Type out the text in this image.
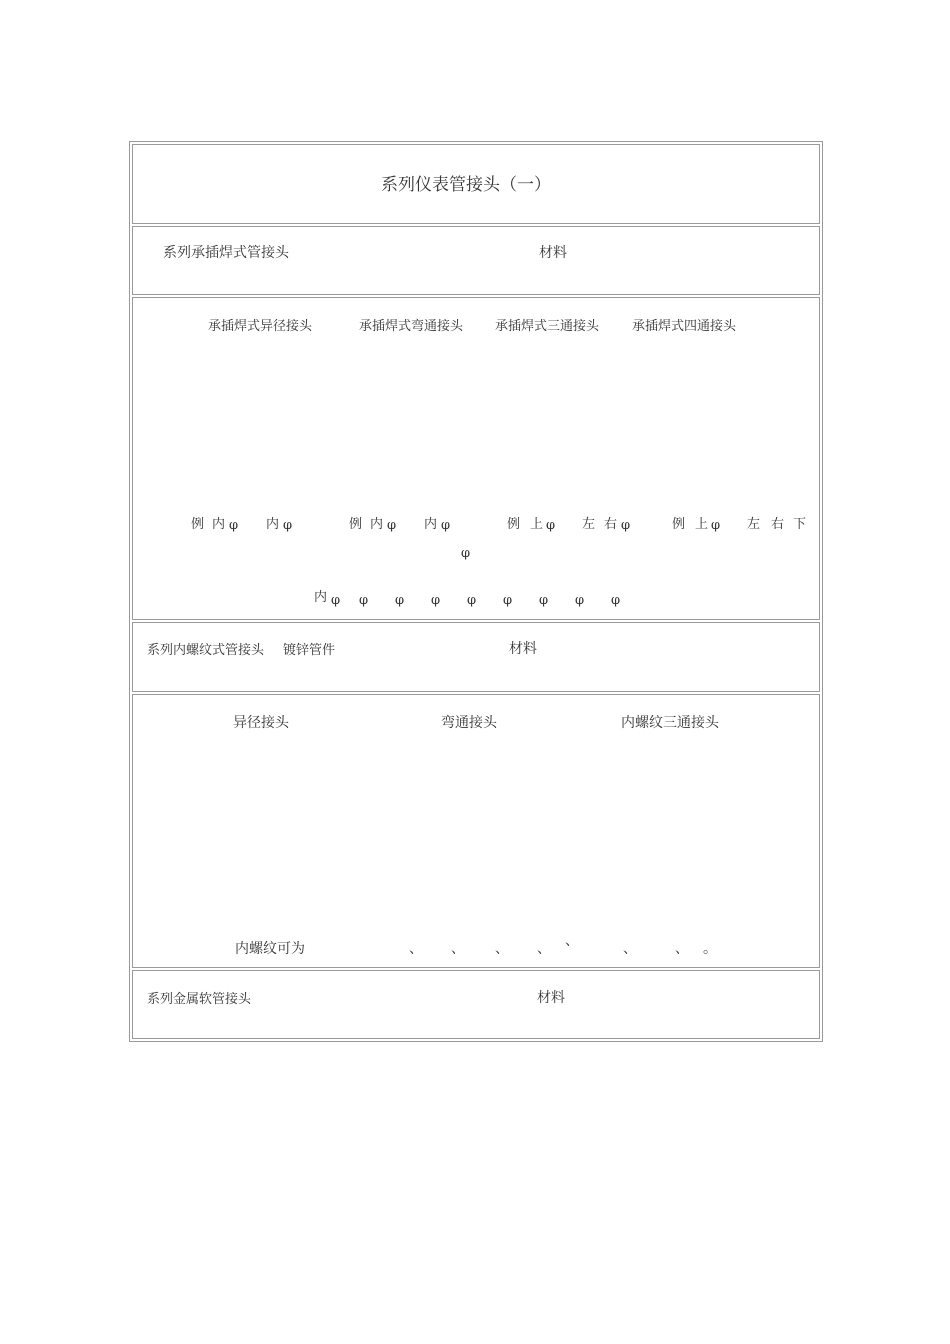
系列仪表管接头（一）
系列承插焊式管接头	材料
承插焊式异径接头	承插焊式弯通接头 承插焊式三通接头	承插焊式四通接头
例 内 φ 内 φ	例 内 φ 内 φ
φ
例 上 φ 左 右 φ	例 上 φ 左 右 下
内 φ φ φ φ φ φ φ φ φ
系列内螺纹式管接头 镀锌管件	材料
异径接头	弯通接头	内螺纹三通接头
内螺纹可为	、 、 、 、 、	、	、 。
系列金属软管接头	材料
